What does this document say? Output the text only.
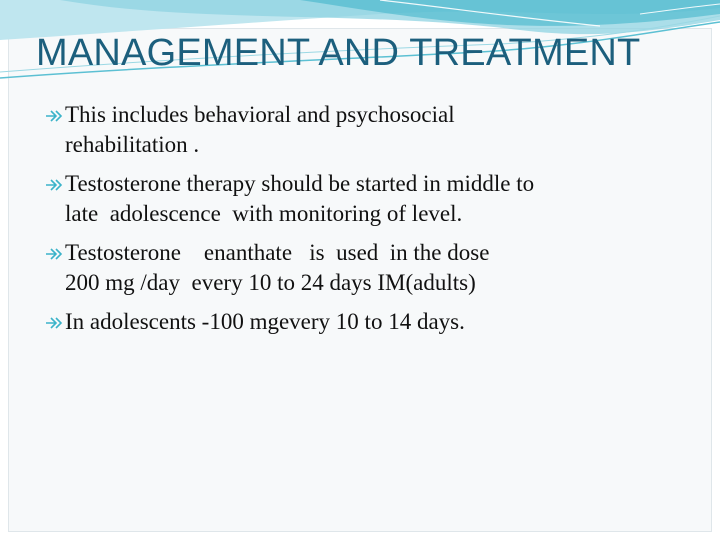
MANAGEMENT AND TREATMENT
This includes behavioral and psychosocial
rehabilitation .
Testosterone therapy should be started in middle to
late  adolescence  with monitoring of level.
Testosterone    enanthate   is  used  in the dose
200 mg /day  every 10 to 24 days IM(adults)
In adolescents -100 mgevery 10 to 14 days.
